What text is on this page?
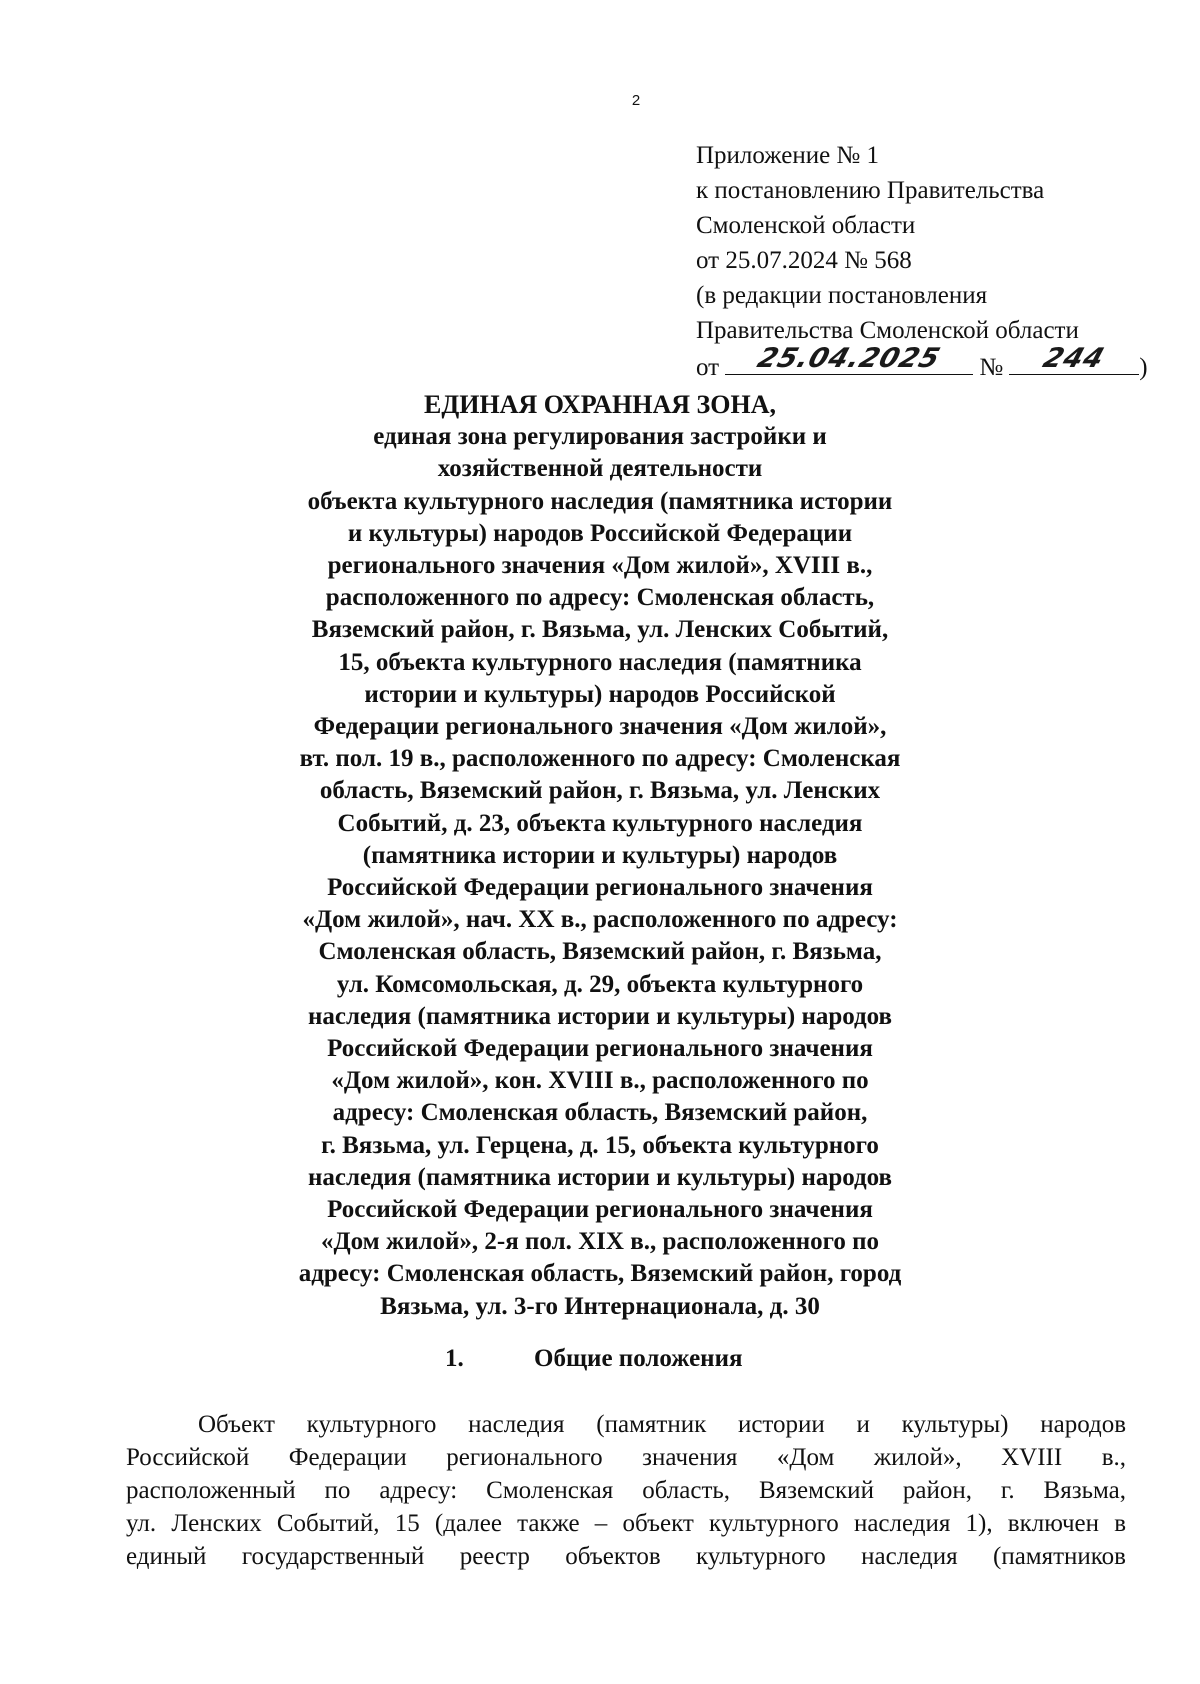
2
Приложение № 1
к постановлению Правительства
Смоленской области
от 25.07.2024 № 568
(в редакции постановления
Правительства Смоленской области
от	25.04.2025	№	244	)
ЕДИНАЯ ОХРАННАЯ ЗОНА,
единая зона регулирования застройки и
хозяйственной деятельности
объекта культурного наследия (памятника истории
и культуры) народов Российской Федерации
регионального значения «Дом жилой», XVIII в.,
расположенного по адресу: Смоленская область,
Вяземский район, г. Вязьма, ул. Ленских Событий,
15, объекта культурного наследия (памятника
истории и культуры) народов Российской
Федерации регионального значения «Дом жилой»,
вт. пол. 19 в., расположенного по адресу: Смоленская
область, Вяземский район, г. Вязьма, ул. Ленских
Событий, д. 23, объекта культурного наследия
(памятника истории и культуры) народов
Российской Федерации регионального значения
«Дом жилой», нач. XX в., расположенного по адресу:
Смоленская область, Вяземский район, г. Вязьма,
ул. Комсомольская, д. 29, объекта культурного
наследия (памятника истории и культуры) народов
Российской Федерации регионального значения
«Дом жилой», кон. XVIII в., расположенного по
адресу: Смоленская область, Вяземский район,
г. Вязьма, ул. Герцена, д. 15, объекта культурного
наследия (памятника истории и культуры) народов
Российской Федерации регионального значения
«Дом жилой», 2-я пол. XIX в., расположенного по
адресу: Смоленская область, Вяземский район, город
Вязьма, ул. 3-го Интернационала, д. 30
1.	Общие положения
Объект культурного наследия (памятник истории и культуры) народов
Российской Федерации регионального значения «Дом жилой», XVIII в.,
расположенный по адресу: Смоленская область, Вяземский район, г. Вязьма,
ул. Ленских Событий, 15 (далее также – объект культурного наследия 1), включен в
единый государственный реестр объектов культурного наследия (памятников
